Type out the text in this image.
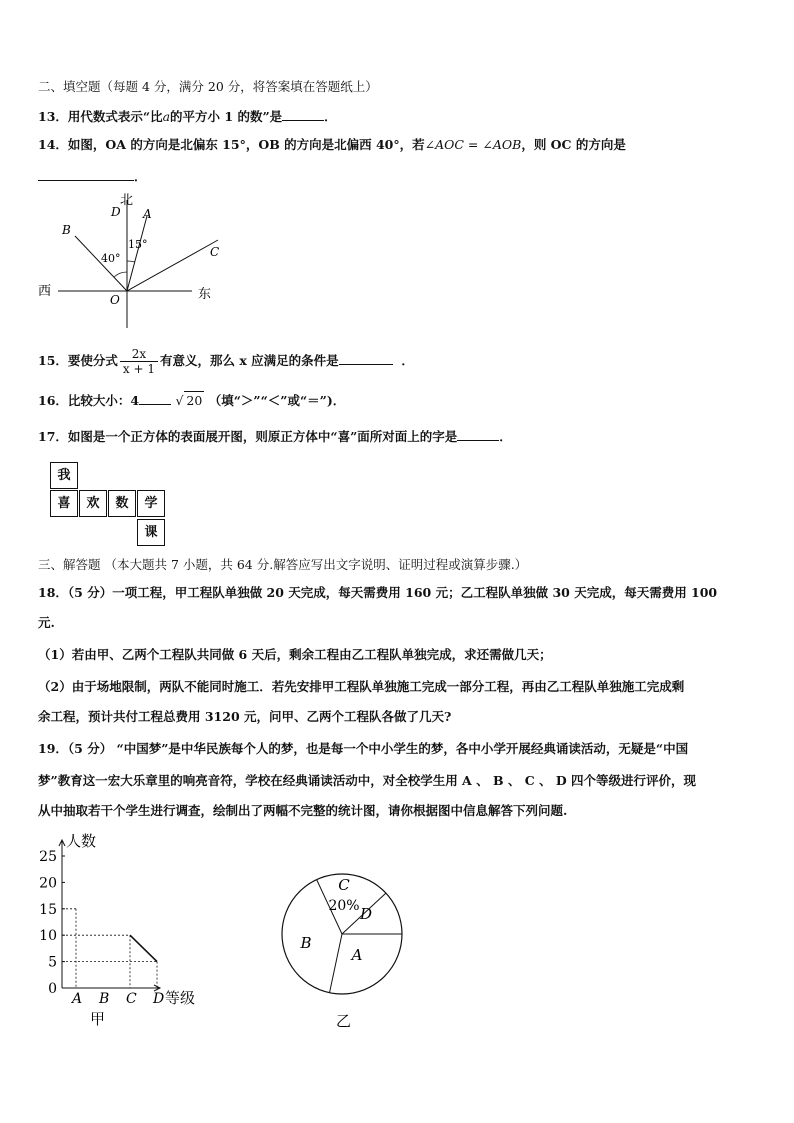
二、填空题（每题 4 分，满分 20 分，将答案填在答题纸上）
13．用代数式表示“比a的平方小 1 的数”是	．
14．如图，OA 的方向是北偏东 15°，OB 的方向是北偏西 40°，若∠AOC = ∠AOB，则 OC 的方向是
．
北
D A
B
C
O
西	东
40°
15°
15．要使分式 $\frac{2x}{x + 1}$ 有意义，那么 x 应满足的条件是	．
16．比较大小：4	√ 20 （填“＞”“＜”或“＝”)．
17．如图是一个正方体的表面展开图，则原正方体中“喜”面所对面上的字是	．
我
喜	欢	数	学
课
三、解答题 （本大题共 7 小题，共 64 分.解答应写出文字说明、证明过程或演算步骤.）
18．（5 分）一项工程，甲工程队单独做 20 天完成，每天需费用 160 元；乙工程队单独做 30 天完成，每天需费用 100
元.
（1）若由甲、乙两个工程队共同做 6 天后，剩余工程由乙工程队单独完成，求还需做几天；
（2）由于场地限制，两队不能同时施工．若先安排甲工程队单独施工完成一部分工程，再由乙工程队单独施工完成剩
余工程，预计共付工程总费用 3120 元，问甲、乙两个工程队各做了几天?
19．（5 分） “中国梦”是中华民族每个人的梦，也是每一个中小学生的梦，各中小学开展经典诵读活动，无疑是“中国
梦”教育这一宏大乐章里的响亮音符，学校在经典诵读活动中，对全校学生用 A 、 B 、 C 、 D 四个等级进行评价，现
从中抽取若干个学生进行调查，绘制出了两幅不完整的统计图，请你根据图中信息解答下列问题.
0
5
10
15
20
25
A B C D 等级
人数
甲
C
20% D
A
B
乙
